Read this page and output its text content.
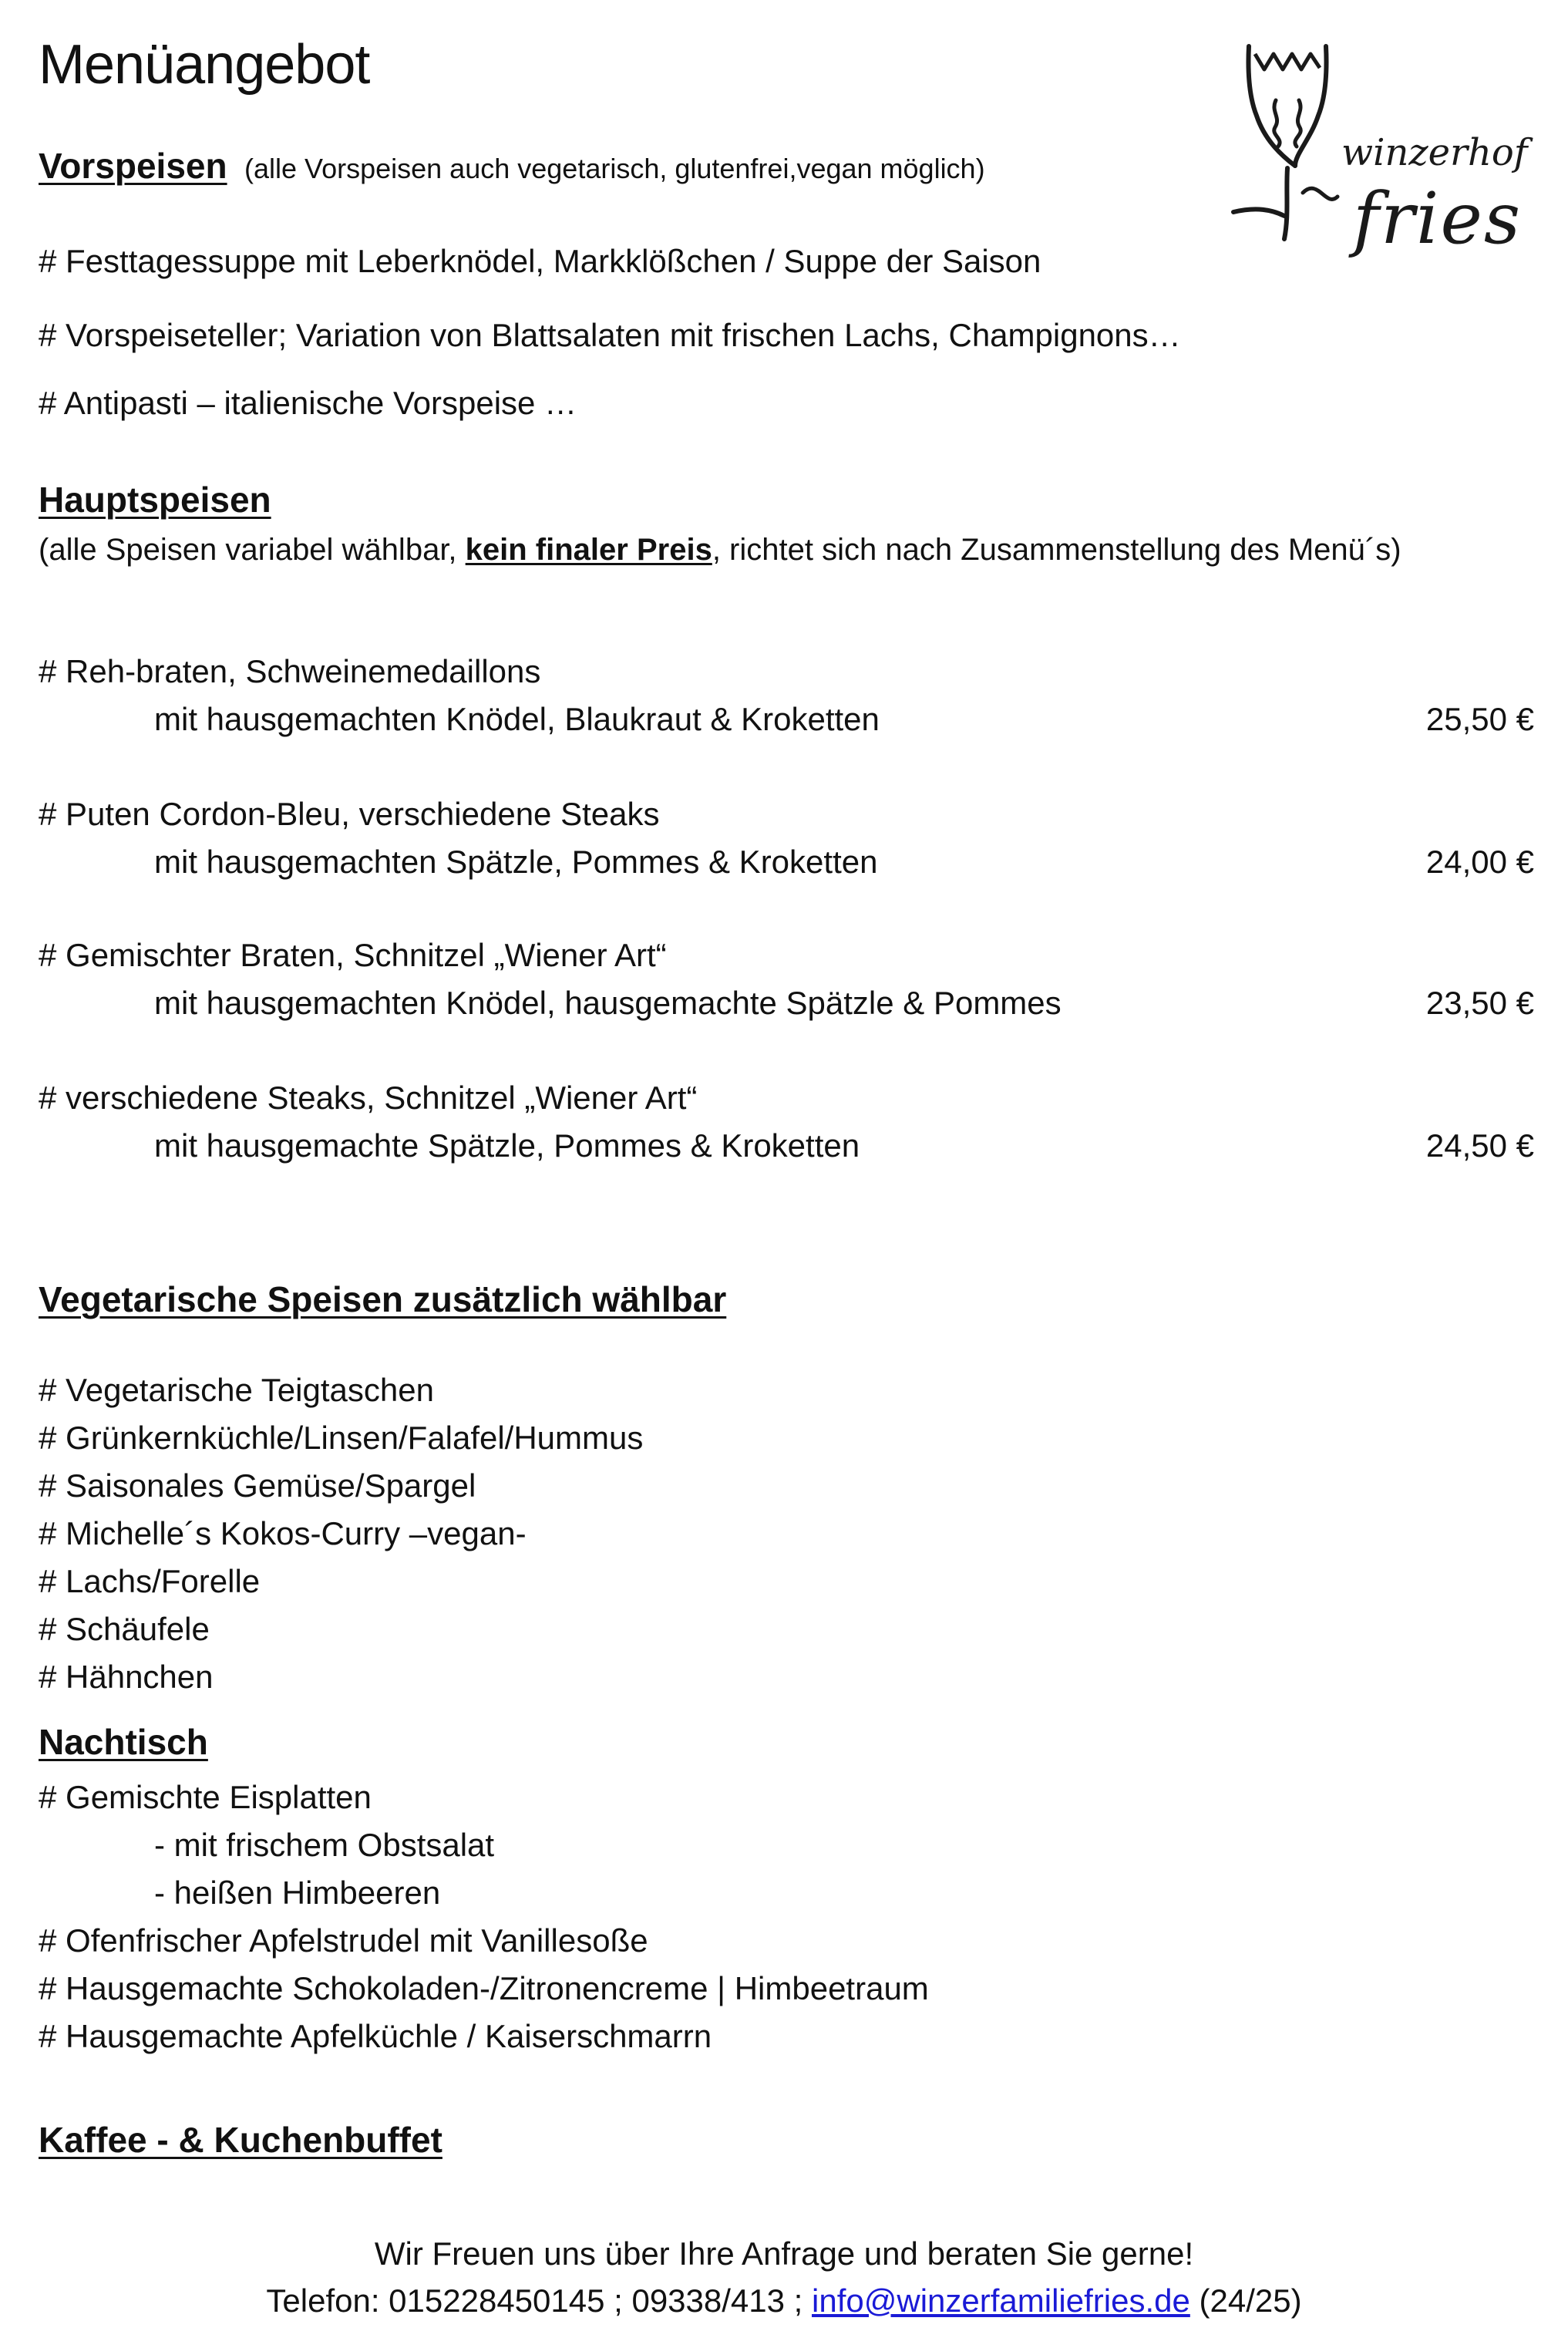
Menüangebot
winzerhof
fries
Vorspeisen (alle Vorspeisen auch vegetarisch, glutenfrei,vegan möglich)
# Festtagessuppe mit Leberknödel, Markklößchen / Suppe der Saison
# Vorspeiseteller; Variation von Blattsalaten mit frischen Lachs, Champignons…
# Antipasti – italienische Vorspeise …
Hauptspeisen
(alle Speisen variabel wählbar, kein finaler Preis, richtet sich nach Zusammenstellung des Menü´s)
# Reh-braten, Schweinemedaillons
mit hausgemachten Knödel, Blaukraut & Kroketten	25,50 €
# Puten Cordon-Bleu, verschiedene Steaks
mit hausgemachten Spätzle, Pommes & Kroketten	24,00 €
# Gemischter Braten, Schnitzel „Wiener Art“
mit hausgemachten Knödel, hausgemachte Spätzle & Pommes	23,50 €
# verschiedene Steaks, Schnitzel „Wiener Art“
mit hausgemachte Spätzle, Pommes & Kroketten	24,50 €
Vegetarische Speisen zusätzlich wählbar
# Vegetarische Teigtaschen
# Grünkernküchle/Linsen/Falafel/Hummus
# Saisonales Gemüse/Spargel
# Michelle´s Kokos-Curry –vegan-
# Lachs/Forelle
# Schäufele
# Hähnchen
Nachtisch
# Gemischte Eisplatten
- mit frischem Obstsalat
- heißen Himbeeren
# Ofenfrischer Apfelstrudel mit Vanillesoße
# Hausgemachte Schokoladen-/Zitronencreme | Himbeetraum
# Hausgemachte Apfelküchle / Kaiserschmarrn
Kaffee - & Kuchenbuffet
Wir Freuen uns über Ihre Anfrage und beraten Sie gerne!
Telefon: 015228450145 ; 09338/413 ; info@winzerfamiliefries.de (24/25)
